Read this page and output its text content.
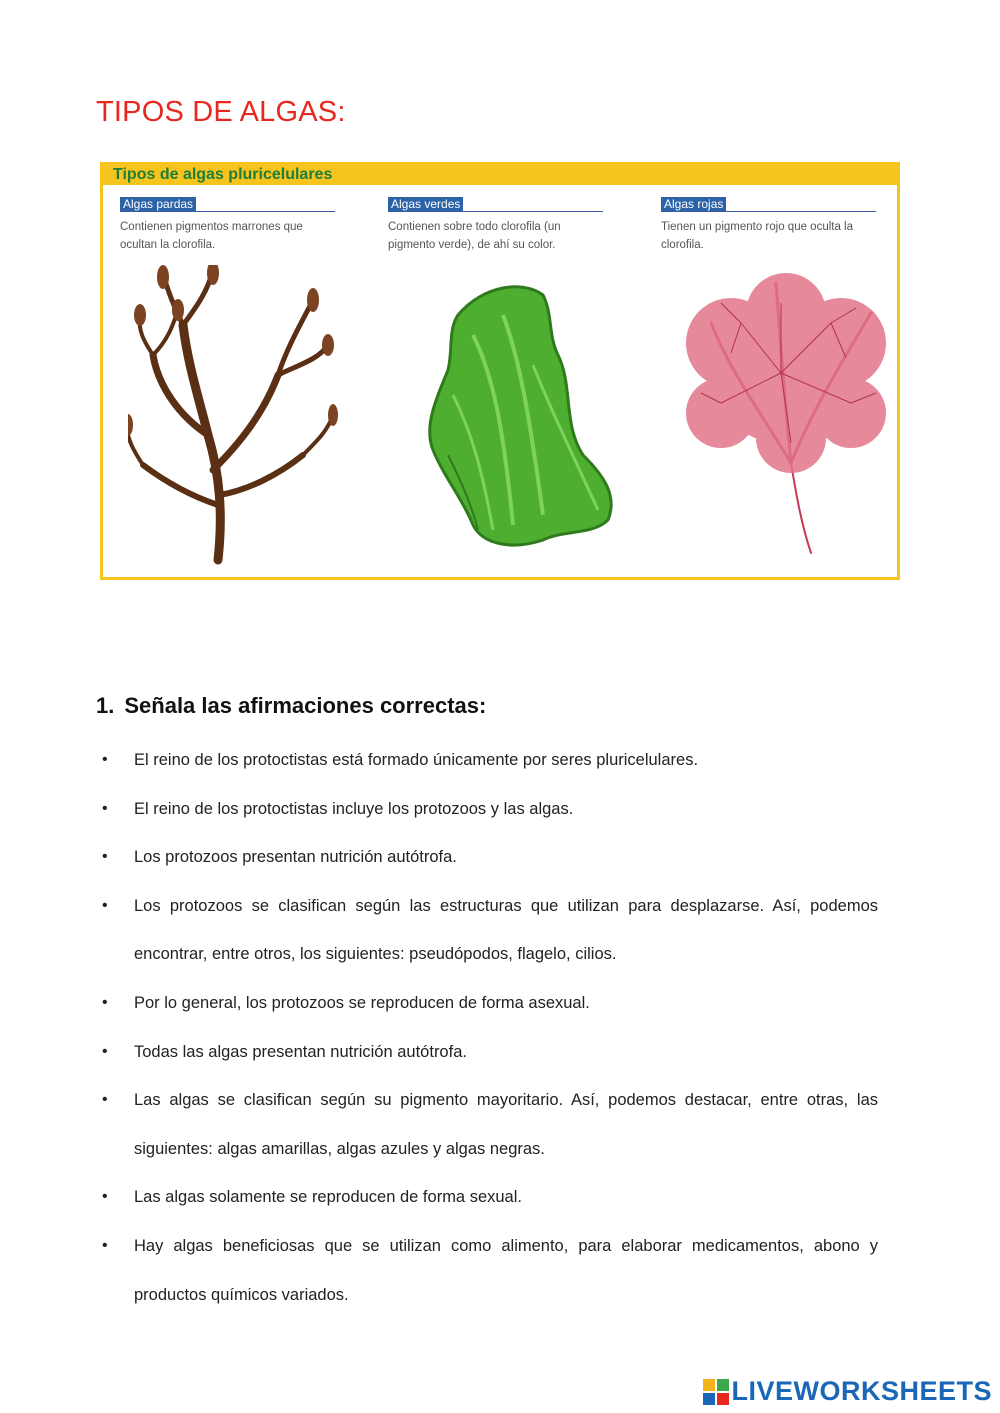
TIPOS DE ALGAS:
Tipos de algas pluricelulares
Algas pardas
Contienen pigmentos marrones que ocultan la clorofila.
Algas verdes
Contienen sobre todo clorofila (un pigmento verde), de ahí su color.
Algas rojas
Tienen un pigmento rojo que oculta la clorofila.

1. Señala las afirmaciones correctas:

• El reino de los protoctistas está formado únicamente por seres pluricelulares.
• El reino de los protoctistas incluye los protozoos y las algas.
• Los protozoos presentan nutrición autótrofa.
• Los protozoos se clasifican según las estructuras que utilizan para desplazarse. Así, podemos encontrar, entre otros, los siguientes: pseudópodos, flagelo, cilios.
• Por lo general, los protozoos se reproducen de forma asexual.
• Todas las algas presentan nutrición autótrofa.
• Las algas se clasifican según su pigmento mayoritario. Así, podemos destacar, entre otras, las siguientes: algas amarillas, algas azules y algas negras.
• Las algas solamente se reproducen de forma sexual.
• Hay algas beneficiosas que se utilizan como alimento, para elaborar medicamentos, abono y productos químicos variados.
LIVEWORKSHEETS
